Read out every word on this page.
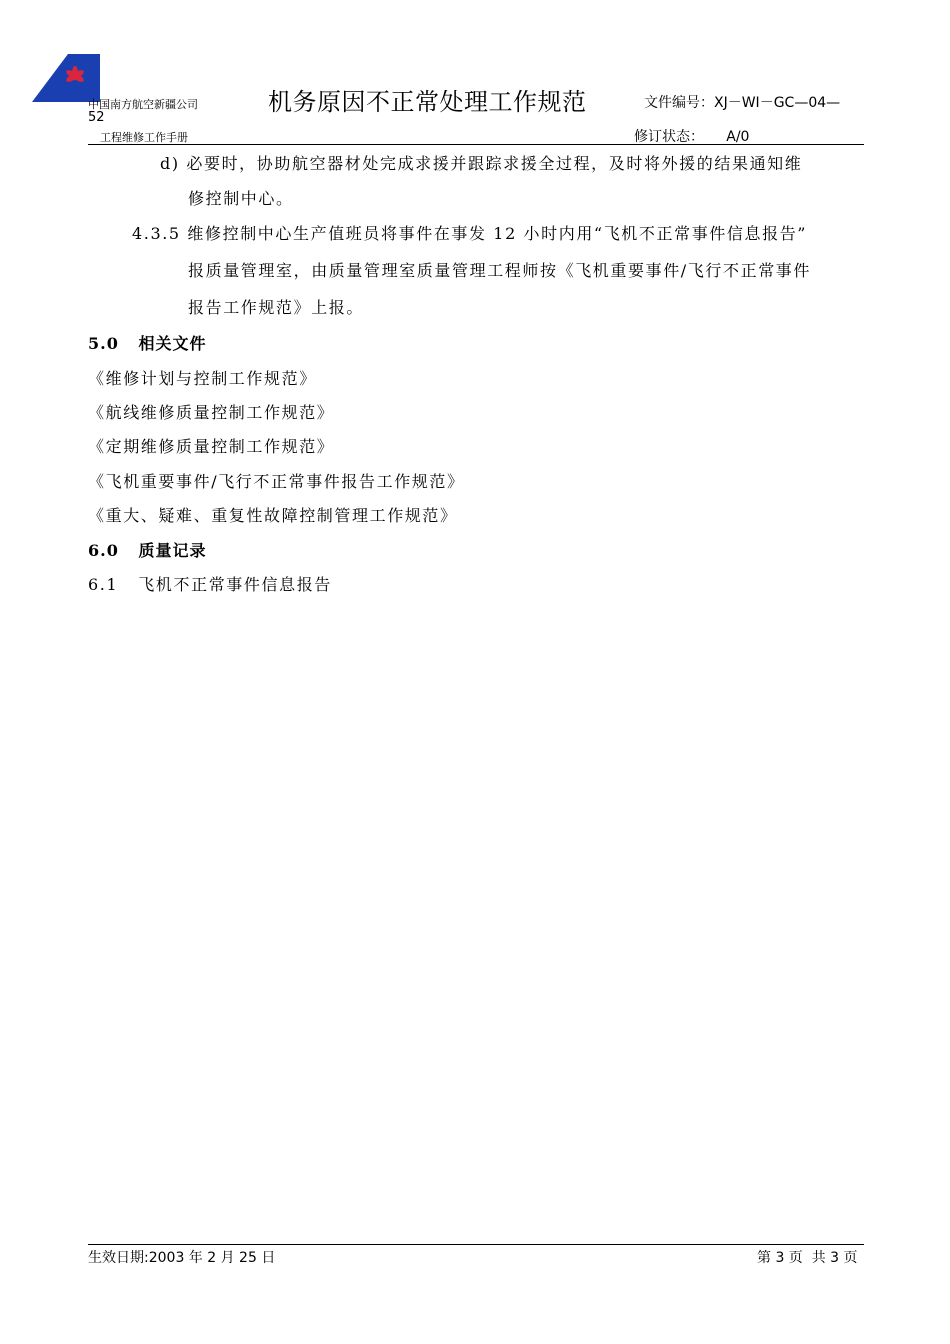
中国南方航空新疆公司
52
工程维修工作手册
机务原因不正常处理工作规范	文件编号：XJ－WI－GC—04—
修订状态：     A/0
d) 必要时，协助航空器材处完成求援并跟踪求援全过程，及时将外援的结果通知维
修控制中心。
4.3.5 维修控制中心生产值班员将事件在事发 12 小时内用“飞机不正常事件信息报告”
报质量管理室，由质量管理室质量管理工程师按《飞机重要事件/飞行不正常事件
报告工作规范》上报。
5.0   相关文件
《维修计划与控制工作规范》
《航线维修质量控制工作规范》
《定期维修质量控制工作规范》
《飞机重要事件/飞行不正常事件报告工作规范》
《重大、疑难、重复性故障控制管理工作规范》
6.0   质量记录
6.1   飞机不正常事件信息报告
生效日期:2003 年 2 月 25 日	第 3 页  共 3 页
